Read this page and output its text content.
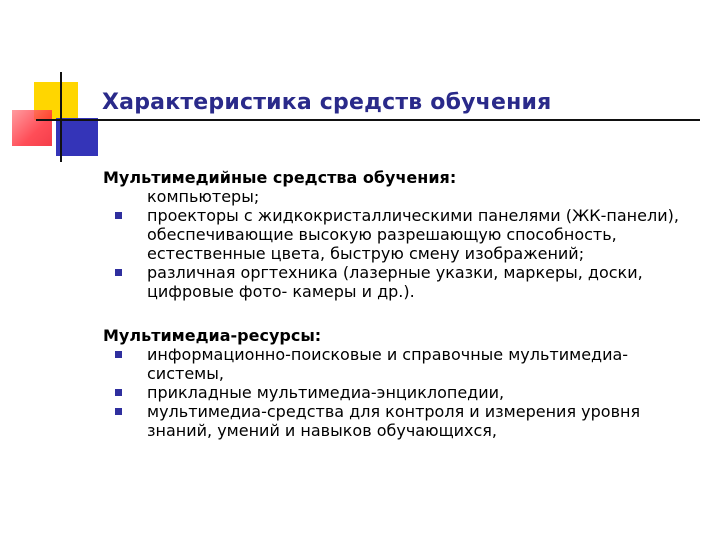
Характеристика средств обучения

Мультимедийные средства обучения:

компьютеры;

проекторы с жидкокристаллическими панелями (ЖК-панели), обеспечивающие высокую разрешающую способность, естественные цвета, быструю смену изображений;
различная оргтехника (лазерные указки, маркеры, доски, цифровые фото- камеры и др.).

Мультимедиа-ресурсы:

информационно-поисковые и справочные мультимедиа-системы,
прикладные мультимедиа-энциклопедии,
мультимедиа-средства для контроля и измерения уровня знаний, умений и навыков обучающихся,
